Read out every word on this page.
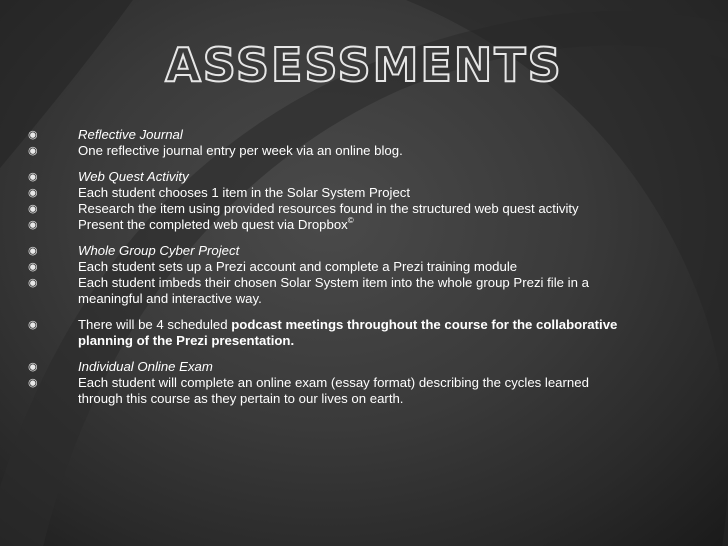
ASSESSMENTS
◉	Reflective Journal
◉	One reflective journal entry per week via an online blog.
◉	Web Quest Activity
◉	Each student chooses 1 item in the Solar System Project
◉	Research the item using provided resources found in the structured web quest activity
◉	Present the completed web quest via Dropbox©
◉	Whole Group Cyber Project
◉	Each student sets up a Prezi account and complete a Prezi training module
◉	Each student imbeds their chosen Solar System item into the whole group Prezi file in a meaningful and interactive way.
◉	There will be 4 scheduled podcast meetings throughout the course for the collaborative planning of the Prezi presentation.
◉	Individual Online Exam
◉	Each student will complete an online exam (essay format) describing the cycles learned through this course as they pertain to our lives on earth.
